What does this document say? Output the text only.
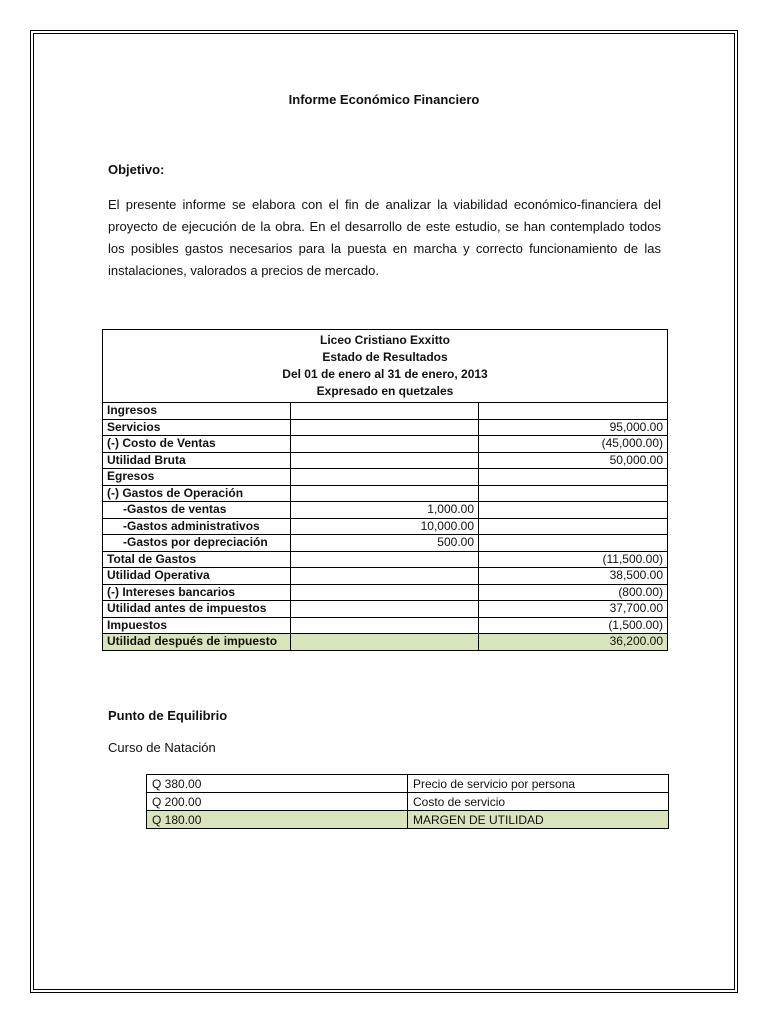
Informe Económico Financiero
Objetivo:
El presente informe se elabora con el fin de analizar la viabilidad económico-financiera del proyecto de ejecución de la obra. En el desarrollo de este estudio, se han contemplado todos los posibles gastos necesarios para la puesta en marcha y correcto funcionamiento de las instalaciones, valorados a precios de mercado.
Liceo Cristiano Exxitto
Estado de Resultados
Del 01 de enero al 31 de enero, 2013
Expresado en quetzales		

Ingresos		
Servicios		95,000.00
(-) Costo de Ventas		(45,000.00)
Utilidad Bruta		50,000.00
Egresos		
(-) Gastos de Operación		
-Gastos de ventas	1,000.00	
-Gastos administrativos	10,000.00	
-Gastos por depreciación	500.00	
Total de Gastos		(11,500.00)
Utilidad Operativa		38,500.00
(-) Intereses bancarios		(800.00)
Utilidad antes de impuestos		37,700.00
Impuestos		(1,500.00)
Utilidad después de impuesto		36,200.00
Punto de Equilibrio
Curso de Natación
Q 380.00	Precio de servicio por persona
Q 200.00	Costo de servicio
Q 180.00	MARGEN DE UTILIDAD
